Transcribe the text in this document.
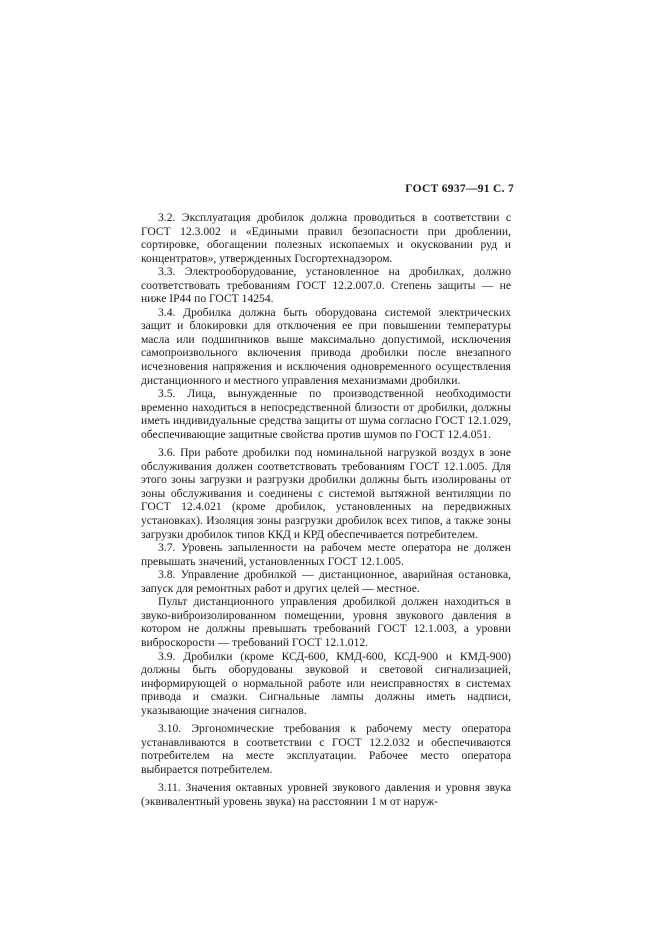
ГОСТ 6937—91 С. 7

3.2. Эксплуатация дробилок должна проводиться в соответствии с ГОСТ 12.3.002 и «Едиными правил безопасности при дроблении, сортировке, обогащении полезных ископаемых и окусковании руд и концентратов», утвержденных Госгортехнадзором.

3.3. Электрооборудование, установленное на дробилках, должно соответствовать требованиям ГОСТ 12.2.007.0. Степень защиты — не ниже IP44 по ГОСТ 14254.

3.4. Дробилка должна быть оборудована системой электрических защит и блокировки для отключения ее при повышении температуры масла или подшипников выше максимально допустимой, исключения самопроизвольного включения привода дробилки после внезапного исчезновения напряжения и исключения одновременного осуществления дистанционного и местного управления механизмами дробилки.

3.5. Лица, вынужденные по производственной необходимости временно находиться в непосредственной близости от дробилки, должны иметь индивидуальные средства защиты от шума согласно ГОСТ 12.1.029, обеспечивающие защитные свойства против шумов по ГОСТ 12.4.051.

3.6. При работе дробилки под номинальной нагрузкой воздух в зоне обслуживания должен соответствовать требованиям ГОСТ 12.1.005. Для этого зоны загрузки и разгрузки дробилки должны быть изолированы от зоны обслуживания и соединены с системой вытяжной вентиляции по ГОСТ 12.4.021 (кроме дробилок, установленных на передвижных установках). Изоляция зоны разгрузки дробилок всех типов, а также зоны загрузки дробилок типов ККД и КРД обеспечивается потребителем.

3.7. Уровень запыленности на рабочем месте оператора не должен превышать значений, установленных ГОСТ 12.1.005.

3.8. Управление дробилкой — дистанционное, аварийная остановка, запуск для ремонтных работ и других целей — местное.

Пульт дистанционного управления дробилкой должен находиться в звуко-виброизолированном помещении, уровня звукового давления в котором не должны превышать требований ГОСТ 12.1.003, а уровни виброскорости — требований ГОСТ 12.1.012.

3.9. Дробилки (кроме КСД-600, КМД-600, КСД-900 и КМД-900) должны быть оборудованы звуковой и световой сигнализацией, информирующей о нормальной работе или неисправностях в системах привода и смазки. Сигнальные лампы должны иметь надписи, указывающие значения сигналов.

3.10. Эргономические требования к рабочему месту оператора устанавливаются в соответствии с ГОСТ 12.2.032 и обеспечиваются потребителем на месте эксплуатации. Рабочее место оператора выбирается потребителем.

3.11. Значения октавных уровней звукового давления и уровня звука (эквивалентный уровень звука) на расстоянии 1 м от наруж-
